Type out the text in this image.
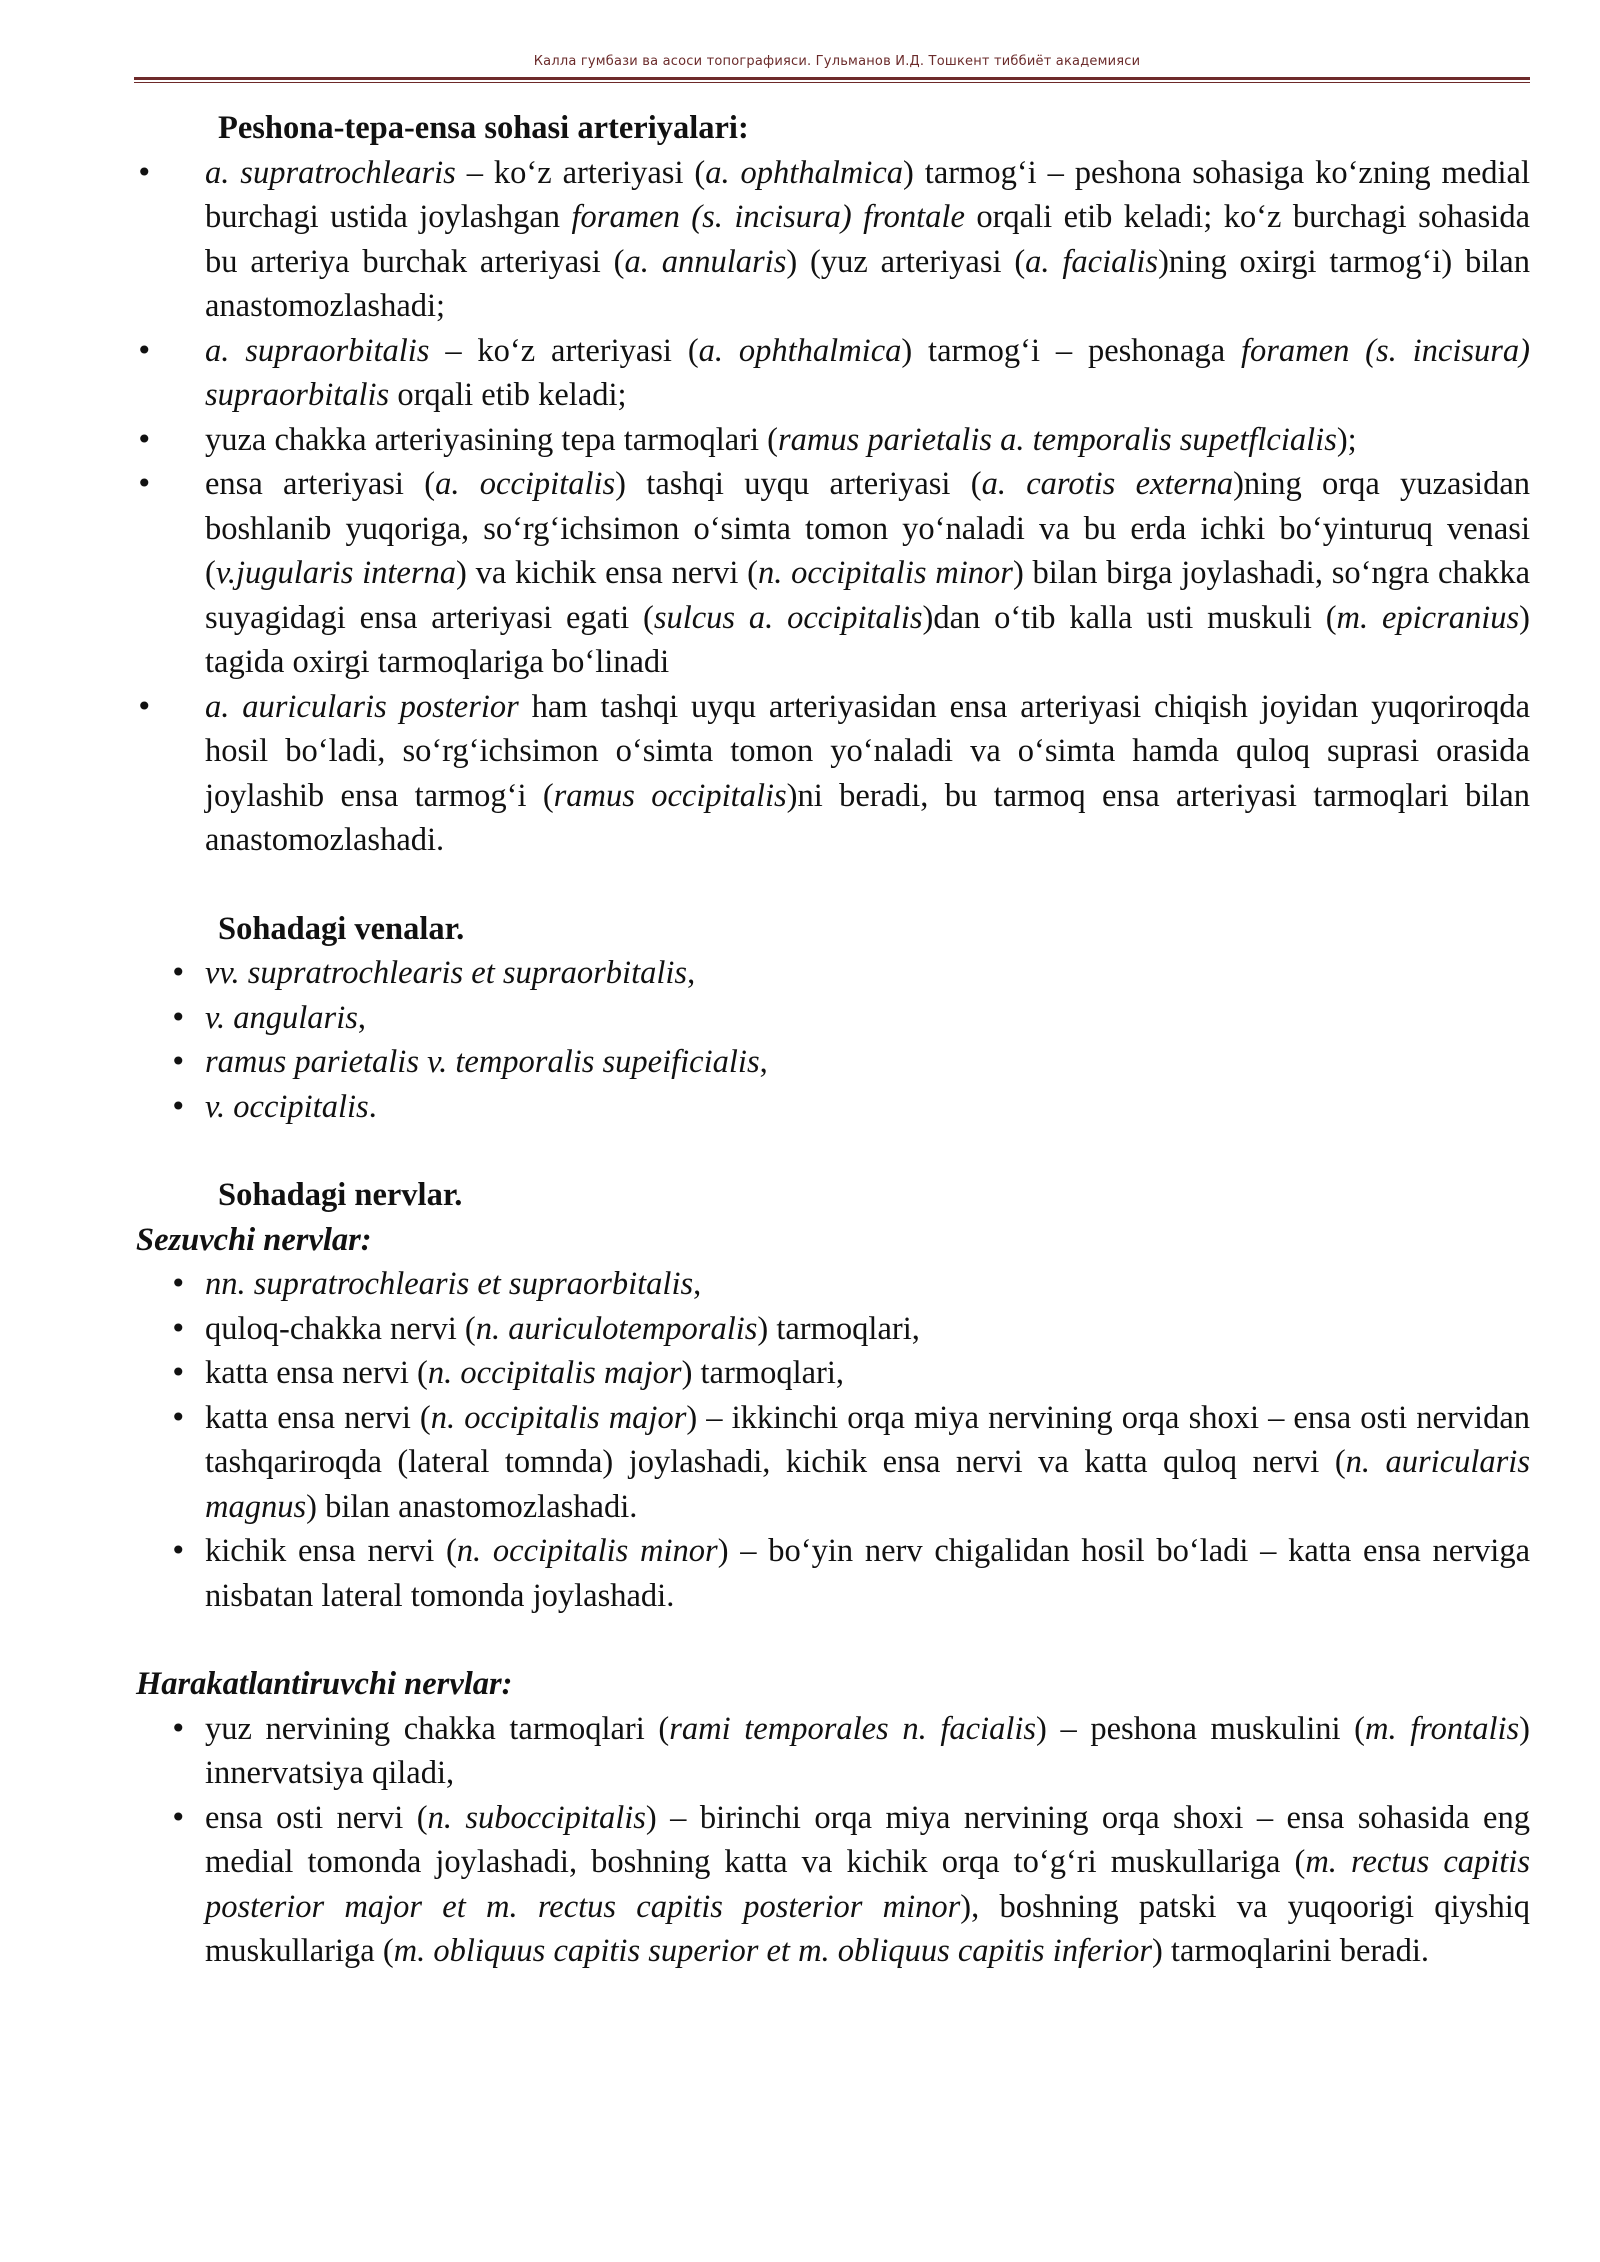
Калла гумбази ва асоси топографияси. Гульманов И.Д. Тошкент тиббиёт академияси
Peshona-tepa-ensa sohasi arteriyalari:
• a. supratrochlearis – ko‘z arteriyasi (a. ophthalmica) tarmog‘i – peshona sohasiga ko‘zning medial burchagi ustida joylashgan foramen (s. incisura) frontale orqali etib keladi; ko‘z burchagi sohasida bu arteriya burchak arteriyasi (a. annularis) (yuz arteriyasi (a. facialis)ning oxirgi tarmog‘i) bilan anastomozlashadi;
• a. supraorbitalis – ko‘z arteriyasi (a. ophthalmica) tarmog‘i – peshonaga foramen (s. incisura) supraorbitalis orqali etib keladi;
• yuza chakka arteriyasining tepa tarmoqlari (ramus parietalis a. temporalis supetflcialis);
• ensa arteriyasi (a. occipitalis) tashqi uyqu arteriyasi (a. carotis externa)ning orqa yuzasidan boshlanib yuqoriga, so‘rg‘ichsimon o‘simta tomon yo‘naladi va bu erda ichki bo‘yinturuq venasi (v.jugularis interna) va kichik ensa nervi (n. occipitalis minor) bilan birga joylashadi, so‘ngra chakka suyagidagi ensa arteriyasi egati (sulcus a. occipitalis)dan o‘tib kalla usti muskuli (m. epicranius) tagida oxirgi tarmoqlariga bo‘linadi
• a. auricularis posterior ham tashqi uyqu arteriyasidan ensa arteriyasi chiqish joyidan yuqoriroqda hosil bo‘ladi, so‘rg‘ichsimon o‘simta tomon yo‘naladi va o‘simta hamda quloq suprasi orasida joylashib ensa tarmog‘i (ramus occipitalis)ni beradi, bu tarmoq ensa arteriyasi tarmoqlari bilan anastomozlashadi.
Sohadagi venalar.
• vv. supratrochlearis et supraorbitalis,
• v. angularis,
• ramus parietalis v. temporalis supeificialis,
• v. occipitalis.
Sohadagi nervlar.
Sezuvchi nervlar:
• nn. supratrochlearis et supraorbitalis,
• quloq-chakka nervi (n. auriculotemporalis) tarmoqlari,
• katta ensa nervi (n. occipitalis major) tarmoqlari,
• katta ensa nervi (n. occipitalis major) – ikkinchi orqa miya nervining orqa shoxi – ensa osti nervidan tashqariroqda (lateral tomnda) joylashadi, kichik ensa nervi va katta quloq nervi (n. auricularis magnus) bilan anastomozlashadi.
• kichik ensa nervi (n. occipitalis minor) – bo‘yin nerv chigalidan hosil bo‘ladi – katta ensa nerviga nisbatan lateral tomonda joylashadi.
Harakatlantiruvchi nervlar:
• yuz nervining chakka tarmoqlari (rami temporales n. facialis) – peshona muskulini (m. frontalis) innervatsiya qiladi,
• ensa osti nervi (n. suboccipitalis) – birinchi orqa miya nervining orqa shoxi – ensa sohasida eng medial tomonda joylashadi, boshning katta va kichik orqa to‘g‘ri muskullariga (m. rectus capitis posterior major et m. rectus capitis posterior minor), boshning patski va yuqoorigi qiyshiq muskullariga (m. obliquus capitis superior et m. obliquus capitis inferior) tarmoqlarini beradi.
